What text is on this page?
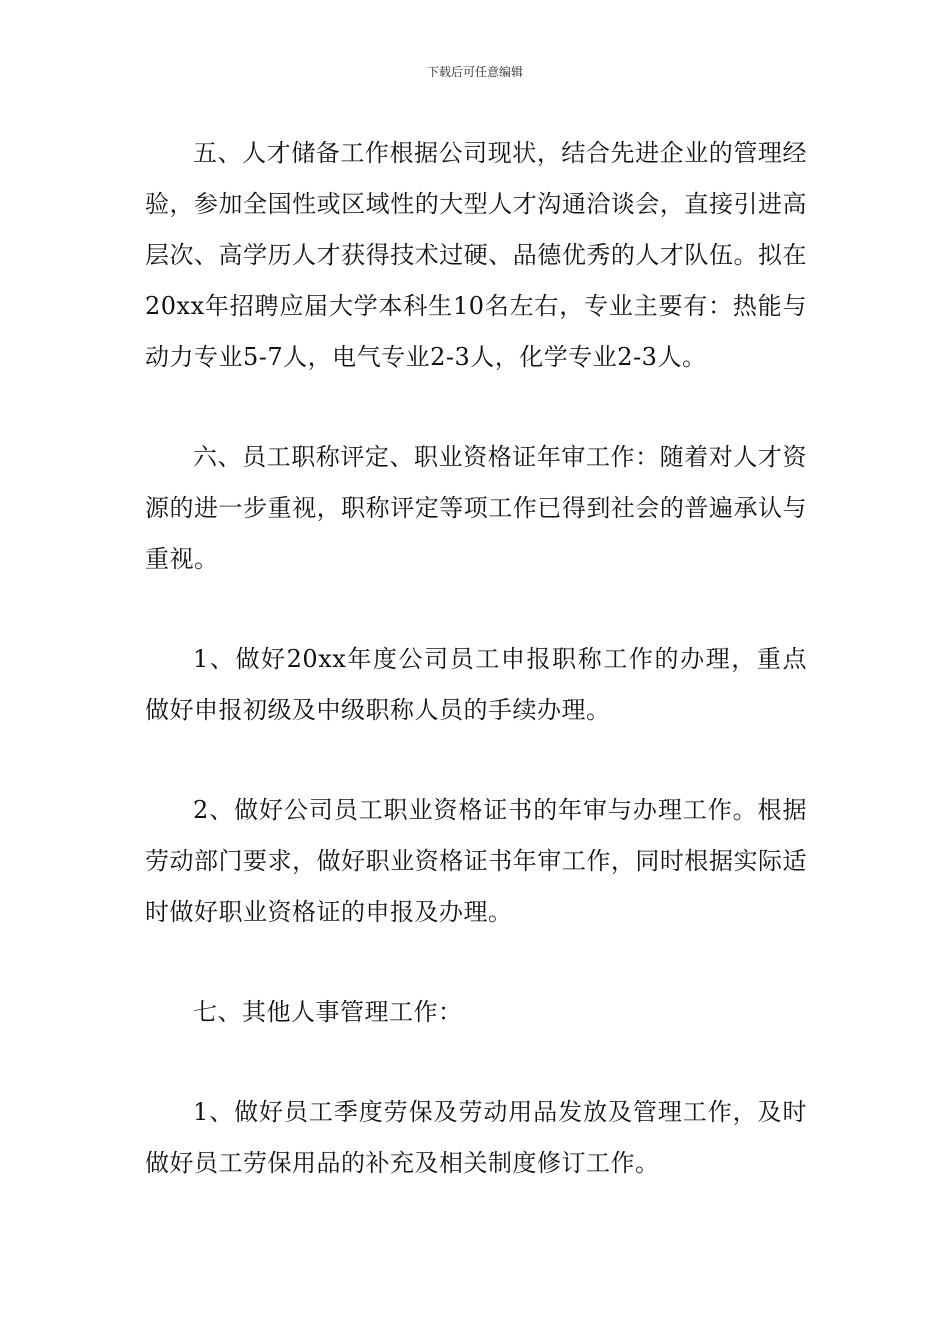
下载后可任意编辑

五、人才储备工作根据公司现状，结合先进企业的管理经验，参加全国性或区域性的大型人才沟通洽谈会，直接引进高层次、高学历人才获得技术过硬、品德优秀的人才队伍。拟在20xx年招聘应届大学本科生10名左右，专业主要有：热能与动力专业5-7人，电气专业2-3人，化学专业2-3人。

六、员工职称评定、职业资格证年审工作：随着对人才资源的进一步重视，职称评定等项工作已得到社会的普遍承认与重视。

1、做好20xx年度公司员工申报职称工作的办理，重点做好申报初级及中级职称人员的手续办理。

2、做好公司员工职业资格证书的年审与办理工作。根据劳动部门要求，做好职业资格证书年审工作，同时根据实际适时做好职业资格证的申报及办理。

七、其他人事管理工作：

1、做好员工季度劳保及劳动用品发放及管理工作，及时做好员工劳保用品的补充及相关制度修订工作。
